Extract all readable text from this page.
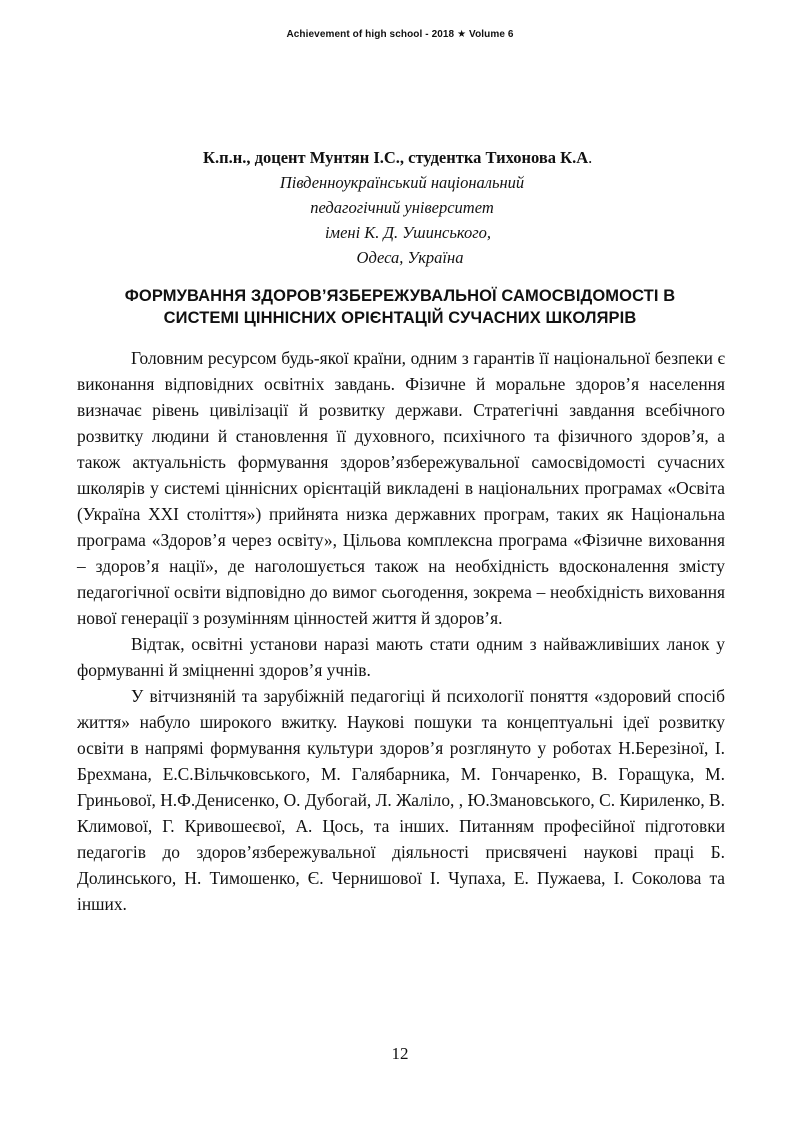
Achievement of high school - 2018 ★ Volume 6
К.п.н., доцент Мунтян І.С., студентка Тихонова К.А.
Південноукраїнський національний
педагогічний університет
імені К. Д. Ушинського,
Одеса, Україна
ФОРМУВАННЯ ЗДОРОВ’ЯЗБЕРЕЖУВАЛЬНОЇ САМОСВІДОМОСТІ В
СИСТЕМІ ЦІННІСНИХ ОРІЄНТАЦІЙ СУЧАСНИХ ШКОЛЯРІВ

Головним ресурсом будь-якої країни, одним з гарантів її національної безпеки є виконання відповідних освітніх завдань. Фізичне й моральне здоров’я населення визначає рівень цивілізації й розвитку держави. Стратегічні завдання всебічного розвитку людини й становлення її духовного, психічного та фізичного здоров’я, а також актуальність формування здоров’язбережувальної самосвідомості сучасних школярів у системі ціннісних орієнтацій викладені в національних програмах «Освіта (Україна XXI століття») прийнята низка державних програм, таких як Національна програма «Здоров’я через освіту», Цільова комплексна програма «Фізичне виховання – здоров’я нації», де наголошується також на необхідність вдосконалення змісту педагогічної освіти відповідно до вимог сьогодення, зокрема – необхідність виховання нової генерації з розумінням цінностей життя й здоров’я.

Відтак, освітні установи наразі мають стати одним з найважливіших ланок у формуванні й зміцненні здоров’я учнів.

У вітчизняній та зарубіжній педагогіці й психології поняття «здоровий спосіб життя» набуло широкого вжитку. Наукові пошуки та концептуальні ідеї розвитку освіти в напрямі формування культури здоров’я розглянуто у роботах Н.Березіної, І. Брехмана, Е.С.Вільчковського, М. Галябарника, М. Гончаренко, В. Горащука, М. Гриньової, Н.Ф.Денисенко, О. Дубогай, Л. Жаліло, , Ю.Змановського, С. Кириленко, В. Климової, Г. Кривошеєвої, А. Цось, та інших. Питанням професійної підготовки педагогів до здоров’язбережувальної діяльності присвячені наукові праці Б. Долинського, Н. Тимошенко, Є. Чернишової І. Чупаха, Е. Пужаева, І. Соколова та інших.

12
